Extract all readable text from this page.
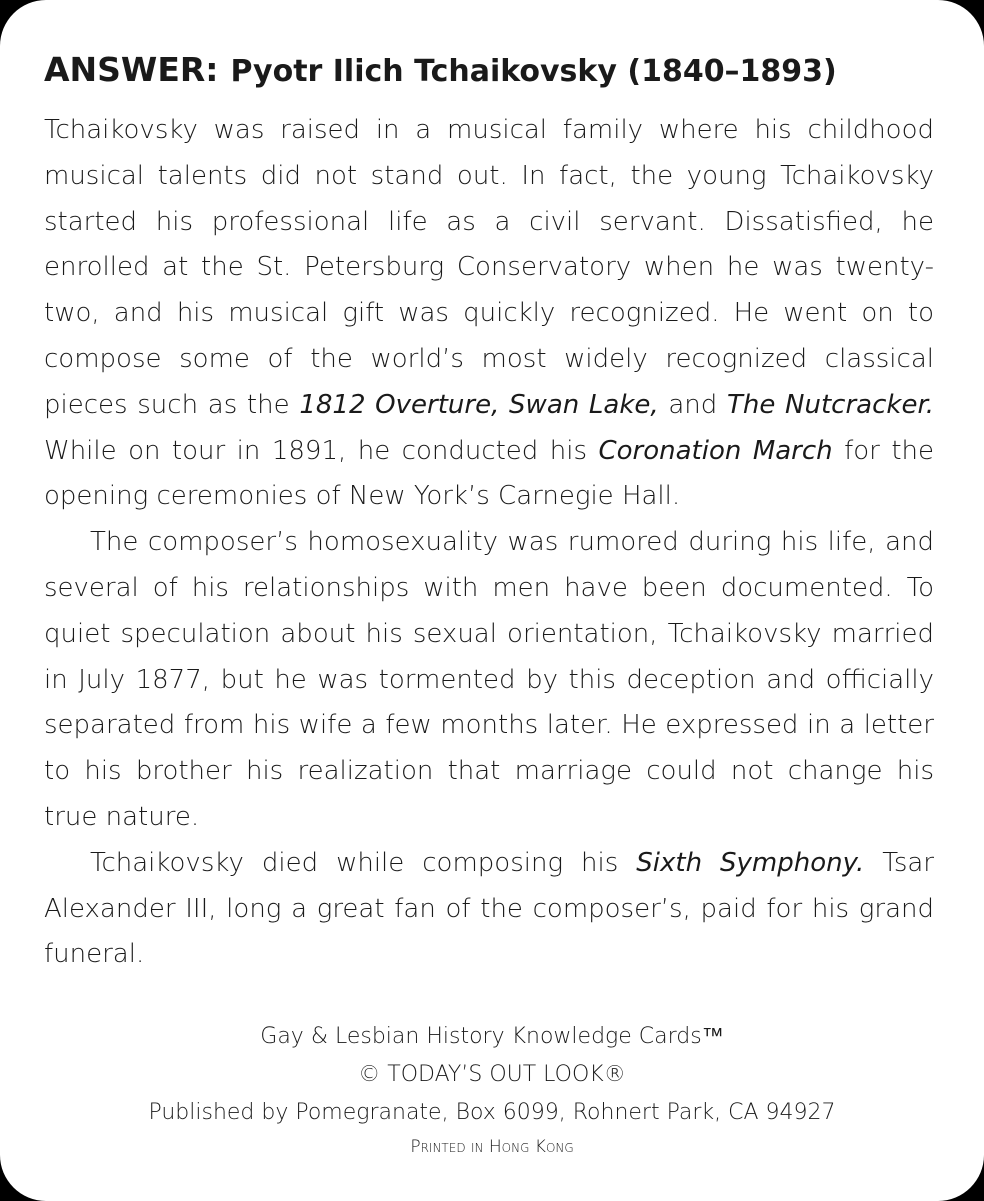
ANSWER: Pyotr Ilich Tchaikovsky (1840–1893)

Tchaikovsky was raised in a musical family where his childhood musical talents did not stand out. In fact, the young Tchaikovsky started his professional life as a civil servant. Dissatisfied, he enrolled at the St. Petersburg Conservatory when he was twenty-two, and his musical gift was quickly recognized. He went on to compose some of the world’s most widely recognized classical pieces such as the 1812 Overture, Swan Lake, and The Nutcracker. While on tour in 1891, he conducted his Coronation March for the opening ceremonies of New York’s Carnegie Hall.

The composer’s homosexuality was rumored during his life, and several of his relationships with men have been documented. To quiet speculation about his sexual orientation, Tchaikovsky married in July 1877, but he was tormented by this deception and officially separated from his wife a few months later. He expressed in a letter to his brother his realization that marriage could not change his true nature.

Tchaikovsky died while composing his Sixth Symphony. Tsar Alexander III, long a great fan of the composer’s, paid for his grand funeral.

Gay & Lesbian History Knowledge Cards™
© TODAY’S OUT LOOK®
Published by Pomegranate, Box 6099, Rohnert Park, CA 94927
Printed in Hong Kong
